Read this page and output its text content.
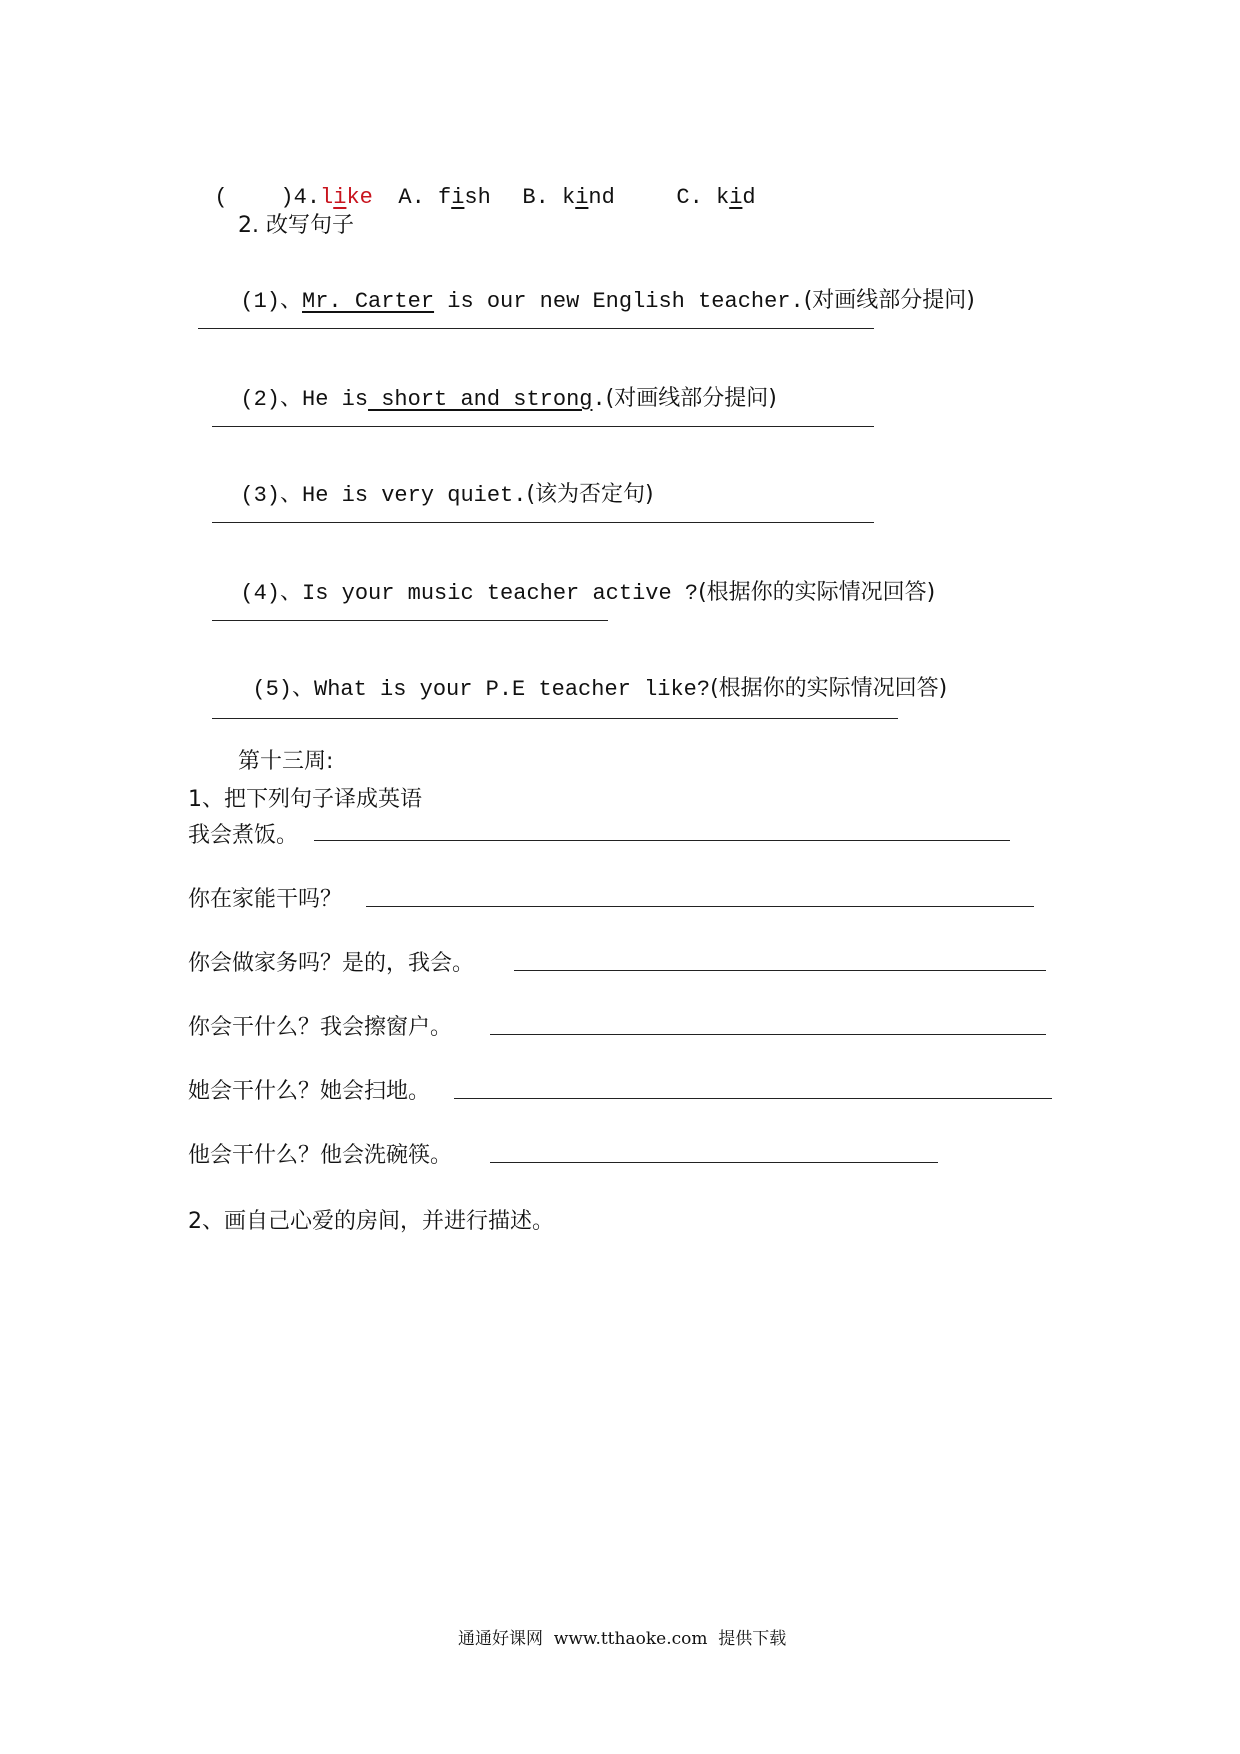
(    )4.like	A. fish	B. kind	C. kid

2. 改写句子

(1)、Mr. Carter is our new English teacher.(对画线部分提问)

(2)、He is short and strong.(对画线部分提问)

(3)、He is very quiet.(该为否定句)

(4)、Is your music teacher active ?(根据你的实际情况回答)

(5)、What is your P.E teacher like?(根据你的实际情况回答)

第十三周:
1、把下列句子译成英语
我会煮饭。
你在家能干吗？
你会做家务吗？是的，我会。
你会干什么？我会擦窗户。
她会干什么？她会扫地。
他会干什么？他会洗碗筷。
2、画自己心爱的房间，并进行描述。
通通好课网  www.tthaoke.com  提供下载
